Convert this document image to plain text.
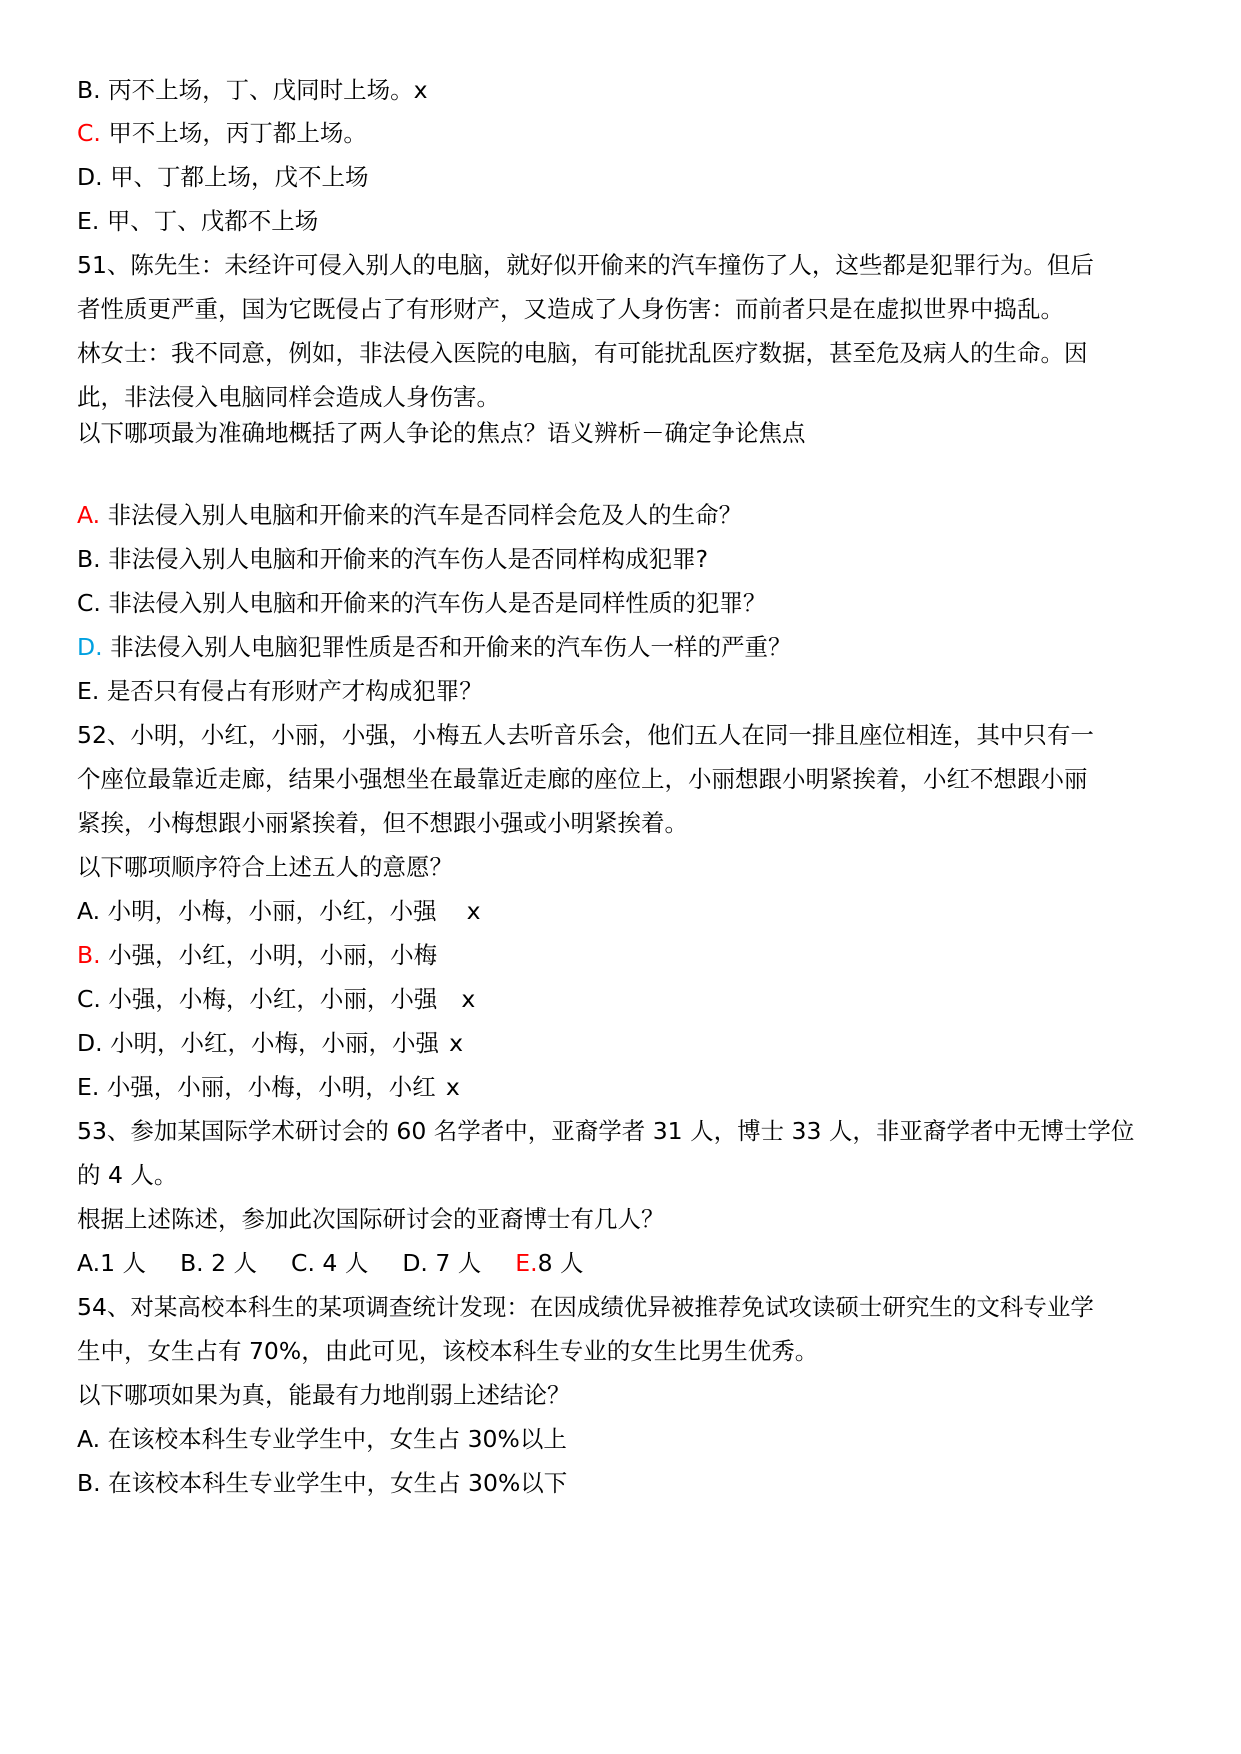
B. 丙不上场，丁、戊同时上场。x
C. 甲不上场，丙丁都上场。
D. 甲、丁都上场，戊不上场
E. 甲、丁、戊都不上场
51、陈先生：未经许可侵入别人的电脑，就好似开偷来的汽车撞伤了人，这些都是犯罪行为。但后
者性质更严重，国为它既侵占了有形财产，又造成了人身伤害：而前者只是在虚拟世界中捣乱。
林女士：我不同意，例如，非法侵入医院的电脑，有可能扰乱医疗数据，甚至危及病人的生命。因
此，非法侵入电脑同样会造成人身伤害。
以下哪项最为准确地概括了两人争论的焦点？语义辨析－确定争论焦点
A. 非法侵入别人电脑和开偷来的汽车是否同样会危及人的生命？
B. 非法侵入别人电脑和开偷来的汽车伤人是否同样构成犯罪?
C. 非法侵入别人电脑和开偷来的汽车伤人是否是同样性质的犯罪？
D. 非法侵入别人电脑犯罪性质是否和开偷来的汽车伤人一样的严重？
E. 是否只有侵占有形财产才构成犯罪？
52、小明，小红，小丽，小强，小梅五人去听音乐会，他们五人在同一排且座位相连，其中只有一
个座位最靠近走廊，结果小强想坐在最靠近走廊的座位上，小丽想跟小明紧挨着，小红不想跟小丽
紧挨，小梅想跟小丽紧挨着，但不想跟小强或小明紧挨着。
以下哪项顺序符合上述五人的意愿？
A. 小明，小梅，小丽，小红，小强 x
B. 小强，小红，小明，小丽，小梅
C. 小强，小梅，小红，小丽，小强 x
D. 小明，小红，小梅，小丽，小强 x
E. 小强，小丽，小梅，小明，小红 x
53、参加某国际学术研讨会的 60 名学者中，亚裔学者 31 人，博士 33 人，非亚裔学者中无博士学位
的 4 人。
根据上述陈述，参加此次国际研讨会的亚裔博士有几人？
A.1 人 B. 2 人 C. 4 人 D. 7 人 E.8 人
54、对某高校本科生的某项调查统计发现：在因成绩优异被推荐免试攻读硕士研究生的文科专业学
生中，女生占有 70%，由此可见，该校本科生专业的女生比男生优秀。
以下哪项如果为真，能最有力地削弱上述结论？
A. 在该校本科生专业学生中，女生占 30%以上
B. 在该校本科生专业学生中，女生占 30%以下
